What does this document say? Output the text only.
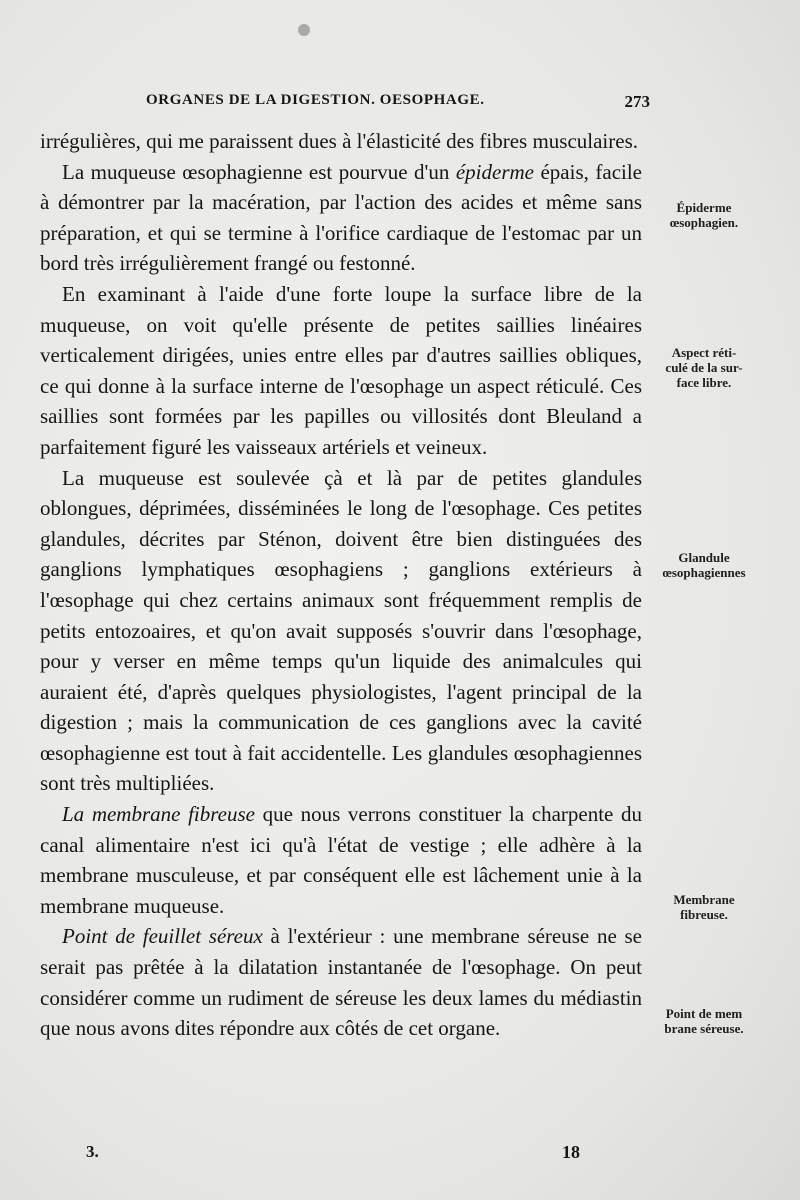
ORGANES DE LA DIGESTION. OESOPHAGE.	273

irrégulières, qui me paraissent dues à l'élasticité des fibres musculaires.

La muqueuse œsophagienne est pourvue d'un épiderme épais, facile à démontrer par la macération, par l'action des acides et même sans préparation, et qui se termine à l'orifice cardiaque de l'estomac par un bord très irrégulièrement frangé ou festonné.

En examinant à l'aide d'une forte loupe la surface libre de la muqueuse, on voit qu'elle présente de petites saillies linéaires verticalement dirigées, unies entre elles par d'autres saillies obliques, ce qui donne à la surface interne de l'œsophage un aspect réticulé. Ces saillies sont formées par les papilles ou villosités dont Bleuland a parfaitement figuré les vaisseaux artériels et veineux.

La muqueuse est soulevée çà et là par de petites glandules oblongues, déprimées, disséminées le long de l'œsophage. Ces petites glandules, décrites par Sténon, doivent être bien distinguées des ganglions lymphatiques œsophagiens ; ganglions extérieurs à l'œsophage qui chez certains animaux sont fréquemment remplis de petits entozoaires, et qu'on avait supposés s'ouvrir dans l'œsophage, pour y verser en même temps qu'un liquide des animalcules qui auraient été, d'après quelques physiologistes, l'agent principal de la digestion ; mais la communication de ces ganglions avec la cavité œsophagienne est tout à fait accidentelle. Les glandules œsophagiennes sont très multipliées.

La membrane fibreuse que nous verrons constituer la charpente du canal alimentaire n'est ici qu'à l'état de vestige ; elle adhère à la membrane musculeuse, et par conséquent elle est lâchement unie à la membrane muqueuse.

Point de feuillet séreux à l'extérieur : une membrane séreuse ne se serait pas prêtée à la dilatation instantanée de l'œsophage. On peut considérer comme un rudiment de séreuse les deux lames du médiastin que nous avons dites répondre aux côtés de cet organe.

Épiderme
œsophagien.
Aspect réti-
culé de la sur-
face libre.
Glandule
œsophagiennes
Membrane
fibreuse.
Point de mem
brane séreuse.
3.	18
